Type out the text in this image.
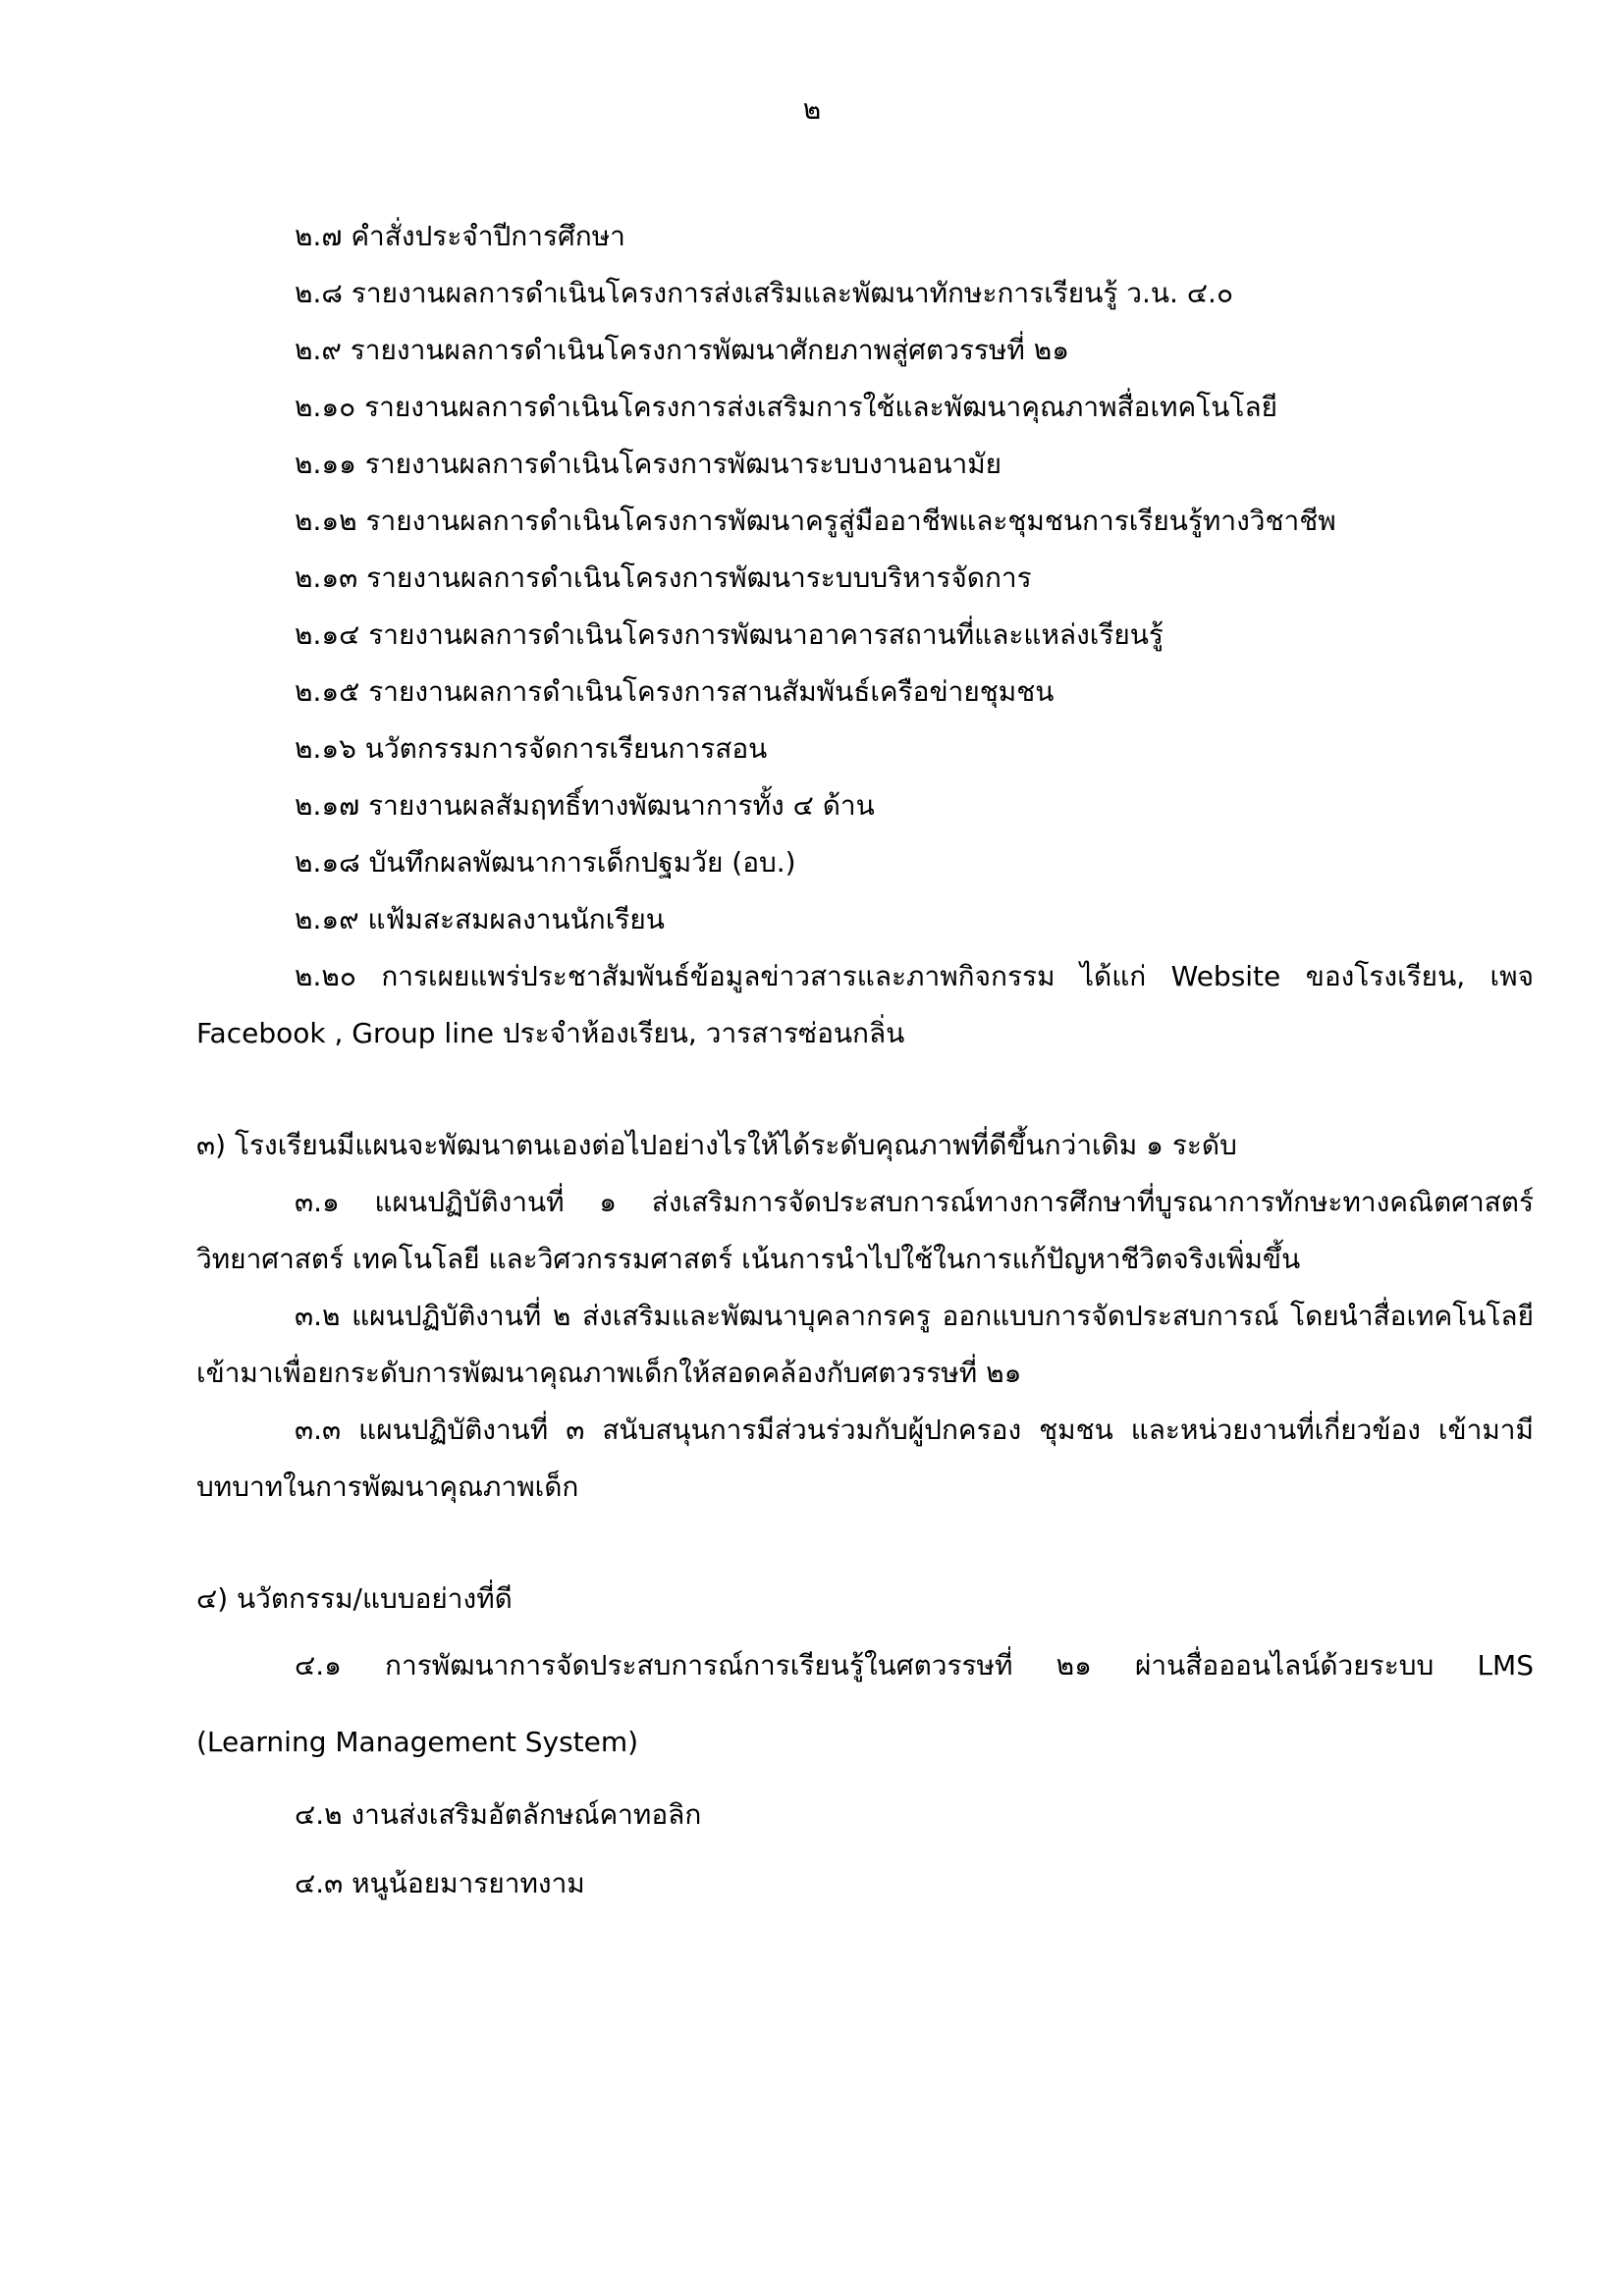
๒
๒.๗ คำสั่งประจำปีการศึกษา
๒.๘ รายงานผลการดำเนินโครงการส่งเสริมและพัฒนาทักษะการเรียนรู้ ว.น. ๔.๐
๒.๙ รายงานผลการดำเนินโครงการพัฒนาศักยภาพสู่ศตวรรษที่ ๒๑
๒.๑๐ รายงานผลการดำเนินโครงการส่งเสริมการใช้และพัฒนาคุณภาพสื่อเทคโนโลยี
๒.๑๑ รายงานผลการดำเนินโครงการพัฒนาระบบงานอนามัย
๒.๑๒ รายงานผลการดำเนินโครงการพัฒนาครูสู่มืออาชีพและชุมชนการเรียนรู้ทางวิชาชีพ
๒.๑๓ รายงานผลการดำเนินโครงการพัฒนาระบบบริหารจัดการ
๒.๑๔ รายงานผลการดำเนินโครงการพัฒนาอาคารสถานที่และแหล่งเรียนรู้
๒.๑๕ รายงานผลการดำเนินโครงการสานสัมพันธ์เครือข่ายชุมชน
๒.๑๖ นวัตกรรมการจัดการเรียนการสอน
๒.๑๗ รายงานผลสัมฤทธิ์ทางพัฒนาการทั้ง ๔ ด้าน
๒.๑๘ บันทึกผลพัฒนาการเด็กปฐมวัย (อบ.)
๒.๑๙ แฟ้มสะสมผลงานนักเรียน
๒.๒๐ การเผยแพร่ประชาสัมพันธ์ข้อมูลข่าวสารและภาพกิจกรรม ได้แก่ Website ของโรงเรียน, เพจ Facebook , Group line ประจำห้องเรียน, วารสารซ่อนกลิ่น
๓) โรงเรียนมีแผนจะพัฒนาตนเองต่อไปอย่างไรให้ได้ระดับคุณภาพที่ดีขึ้นกว่าเดิม ๑ ระดับ
๓.๑ แผนปฏิบัติงานที่ ๑ ส่งเสริมการจัดประสบการณ์ทางการศึกษาที่บูรณาการทักษะทางคณิตศาสตร์ วิทยาศาสตร์ เทคโนโลยี และวิศวกรรมศาสตร์ เน้นการนำไปใช้ในการแก้ปัญหาชีวิตจริงเพิ่มขึ้น
๓.๒ แผนปฏิบัติงานที่ ๒ ส่งเสริมและพัฒนาบุคลากรครู ออกแบบการจัดประสบการณ์ โดยนำสื่อเทคโนโลยีเข้ามาเพื่อยกระดับการพัฒนาคุณภาพเด็กให้สอดคล้องกับศตวรรษที่ ๒๑
๓.๓ แผนปฏิบัติงานที่ ๓ สนับสนุนการมีส่วนร่วมกับผู้ปกครอง ชุมชน และหน่วยงานที่เกี่ยวข้อง เข้ามามีบทบาทในการพัฒนาคุณภาพเด็ก
๔) นวัตกรรม/แบบอย่างที่ดี
๔.๑ การพัฒนาการจัดประสบการณ์การเรียนรู้ในศตวรรษที่ ๒๑ ผ่านสื่อออนไลน์ด้วยระบบ LMS (Learning Management System)
๔.๒ งานส่งเสริมอัตลักษณ์คาทอลิก
๔.๓ หนูน้อยมารยาทงาม
